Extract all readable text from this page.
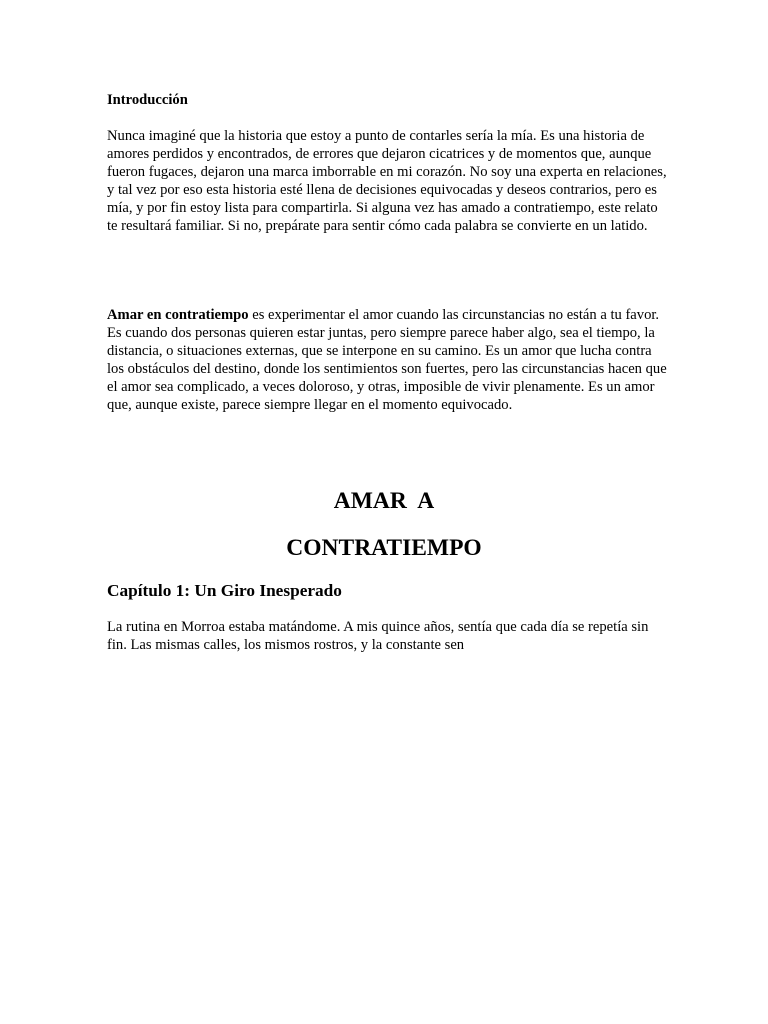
Introducción
Nunca imaginé que la historia que estoy a punto de contarles sería la mía. Es una historia de amores perdidos y encontrados, de errores que dejaron cicatrices y de momentos que, aunque fueron fugaces, dejaron una marca imborrable en mi corazón. No soy una experta en relaciones, y tal vez por eso esta historia esté llena de decisiones equivocadas y deseos contrarios, pero es mía, y por fin estoy lista para compartirla. Si alguna vez has amado a contratiempo, este relato te resultará familiar. Si no, prepárate para sentir cómo cada palabra se convierte en un latido.
Amar en contratiempo es experimentar el amor cuando las circunstancias no están a tu favor. Es cuando dos personas quieren estar juntas, pero siempre parece haber algo, sea el tiempo, la distancia, o situaciones externas, que se interpone en su camino. Es un amor que lucha contra los obstáculos del destino, donde los sentimientos son fuertes, pero las circunstancias hacen que el amor sea complicado, a veces doloroso, y otras, imposible de vivir plenamente. Es un amor que, aunque existe, parece siempre llegar en el momento equivocado.
AMAR  A
CONTRATIEMPO
Capítulo 1: Un Giro Inesperado
La rutina en Morroa estaba matándome. A mis quince años, sentía que cada día se repetía sin fin. Las mismas calles, los mismos rostros, y la constante sen
